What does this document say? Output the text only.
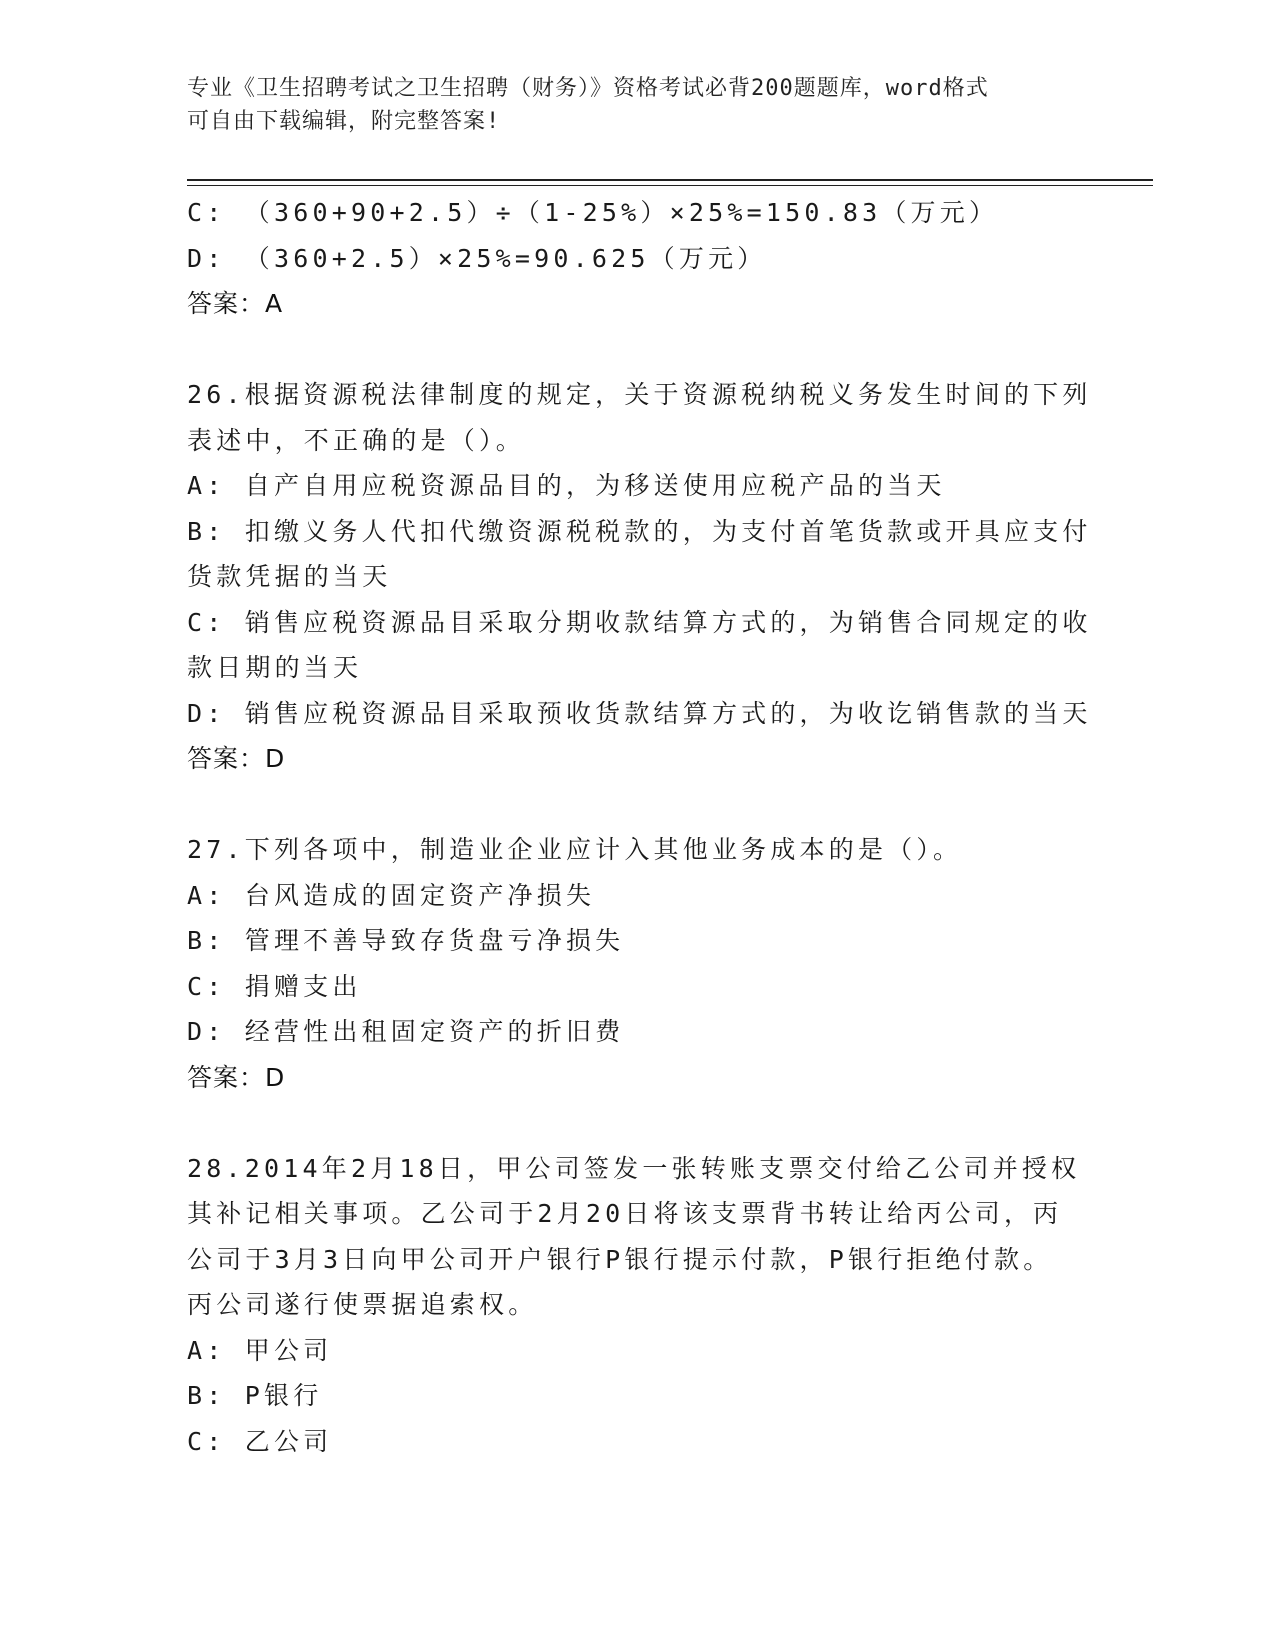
专业《卫生招聘考试之卫生招聘（财务）》资格考试必背200题题库，word格式
可自由下载编辑，附完整答案!
C: （360+90+2.5）÷（1-25%）×25%=150.83（万元）
D: （360+2.5）×25%=90.625（万元）
答案：A
26.根据资源税法律制度的规定，关于资源税纳税义务发生时间的下列
表述中，不正确的是（）。
A: 自产自用应税资源品目的，为移送使用应税产品的当天
B: 扣缴义务人代扣代缴资源税税款的，为支付首笔货款或开具应支付
货款凭据的当天
C: 销售应税资源品目采取分期收款结算方式的，为销售合同规定的收
款日期的当天
D: 销售应税资源品目采取预收货款结算方式的，为收讫销售款的当天
答案：D
27.下列各项中，制造业企业应计入其他业务成本的是（）。
A: 台风造成的固定资产净损失
B: 管理不善导致存货盘亏净损失
C: 捐赠支出
D: 经营性出租固定资产的折旧费
答案：D
28.2014年2月18日，甲公司签发一张转账支票交付给乙公司并授权
其补记相关事项。乙公司于2月20日将该支票背书转让给丙公司，丙
公司于3月3日向甲公司开户银行P银行提示付款，P银行拒绝付款。
丙公司遂行使票据追索权。
A: 甲公司
B: P银行
C: 乙公司
